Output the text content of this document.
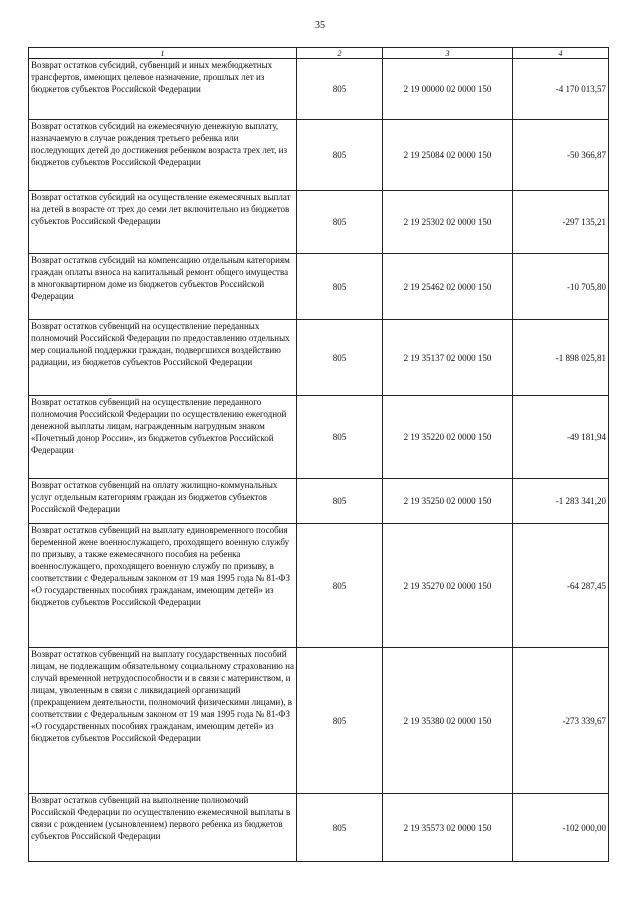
35
1	2	3	4
Возврат остатков субсидий, субвенций и иных межбюджетных трансфертов, имеющих целевое назначение, прошлых лет из бюджетов субъектов Российской Федерации	805	2 19 00000 02 0000 150	-4 170 013,57
Возврат остатков субсидий на ежемесячную денежную выплату, назначаемую в случае рождения третьего ребенка или последующих детей до достижения ребенком возраста трех лет, из бюджетов субъектов Российской Федерации	805	2 19 25084 02 0000 150	-50 366,87
Возврат остатков субсидий на осуществление ежемесячных выплат на детей в возрасте от трех до семи лет включительно из бюджетов субъектов Российской Федерации	805	2 19 25302 02 0000 150	-297 135,21
Возврат остатков субсидий на компенсацию отдельным категориям граждан оплаты взноса на капитальный ремонт общего имущества в многоквартирном доме из бюджетов субъектов Российской Федерации	805	2 19 25462 02 0000 150	-10 705,80
Возврат остатков субвенций на осуществление переданных полномочий Российской Федерации по предоставлению отдельных мер социальной поддержки граждан, подвергшихся воздействию радиации, из бюджетов субъектов Российской Федерации	805	2 19 35137 02 0000 150	-1 898 025,81
Возврат остатков субвенций на осуществление переданного полномочия Российской Федерации по осуществлению ежегодной денежной выплаты лицам, награжденным нагрудным знаком «Почетный донор России», из бюджетов субъектов Российской Федерации	805	2 19 35220 02 0000 150	-49 181,94
Возврат остатков субвенций на оплату жилищно-коммунальных услуг отдельным категориям граждан из бюджетов субъектов Российской Федерации	805	2 19 35250 02 0000 150	-1 283 341,20
Возврат остатков субвенций на выплату единовременного пособия беременной жене военнослужащего, проходящего военную службу по призыву, а также ежемесячного пособия на ребенка военнослужащего, проходящего военную службу по призыву, в соответствии с Федеральным законом от 19 мая 1995 года № 81-ФЗ «О государственных пособиях гражданам, имеющим детей» из бюджетов субъектов Российской Федерации	805	2 19 35270 02 0000 150	-64 287,45
Возврат остатков субвенций на выплату государственных пособий лицам, не подлежащим обязательному социальному страхованию на случай временной нетрудоспособности и в связи с материнством, и лицам, уволенным в связи с ликвидацией организаций (прекращением деятельности, полномочий физическими лицами), в соответствии с Федеральным законом от 19 мая 1995 года № 81-ФЗ «О государственных пособиях гражданам, имеющим детей» из бюджетов субъектов Российской Федерации	805	2 19 35380 02 0000 150	-273 339,67
Возврат остатков субвенций на выполнение полномочий Российской Федерации по осуществлению ежемесячной выплаты в связи с рождением (усыновлением) первого ребенка из бюджетов субъектов Российской Федерации	805	2 19 35573 02 0000 150	-102 000,00
